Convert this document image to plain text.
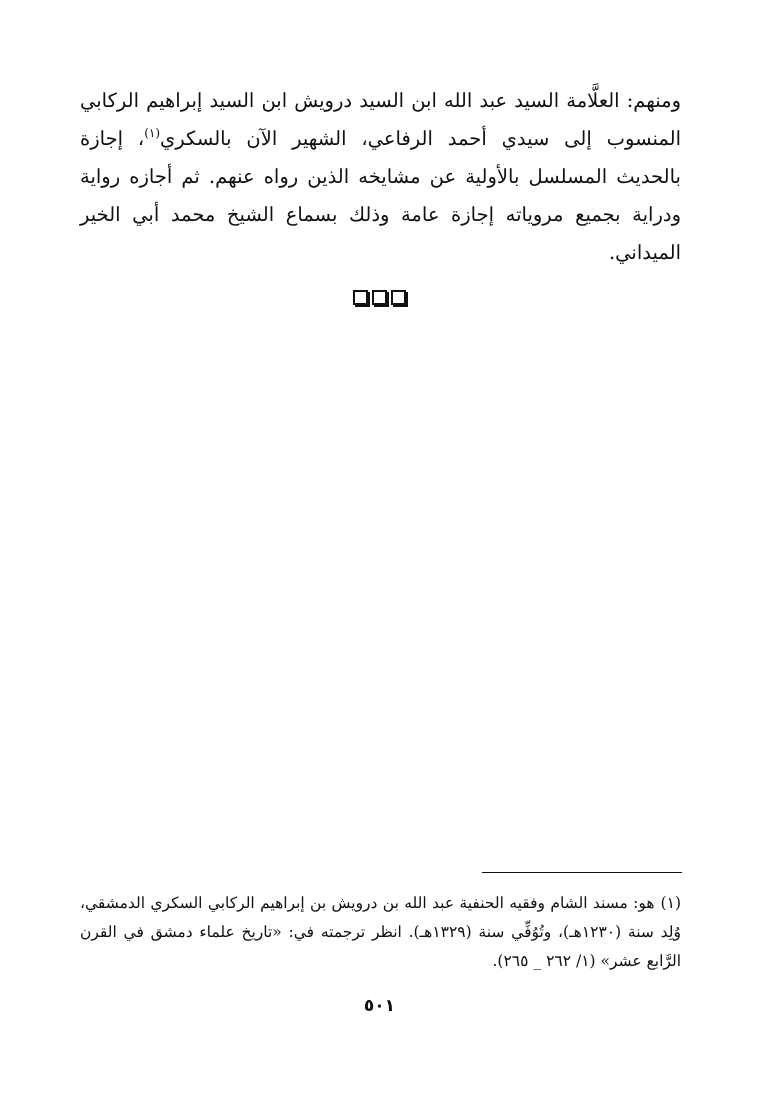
ومنهم: العلَّامة السيد عبد الله ابن السيد درويش ابن السيد إبراهيم الركابي المنسوب إلى سيدي أحمد الرفاعي، الشهير الآن بالسكري$^{(١)}$، إجازة بالحديث المسلسل بالأولية عن مشايخه الذين رواه عنهم. ثم أجازه رواية ودراية بجميع مروياته إجازة عامة وذلك بسماع الشيخ محمد أبي الخير الميداني.

(١)هو: مسند الشام وفقيه الحنفية عبد الله بن درويش بن إبراهيم الركابي السكري الدمشقي، وُلِد سنة (١٢٣٠هـ)، وتُوُفِّي سنة (١٣٢٩هـ). انظر ترجمته في: «تاريخ علماء دمشق في القرن الرَّابع عشر» (١/ ٢٦٢ _ ٢٦٥).

٥٠١
